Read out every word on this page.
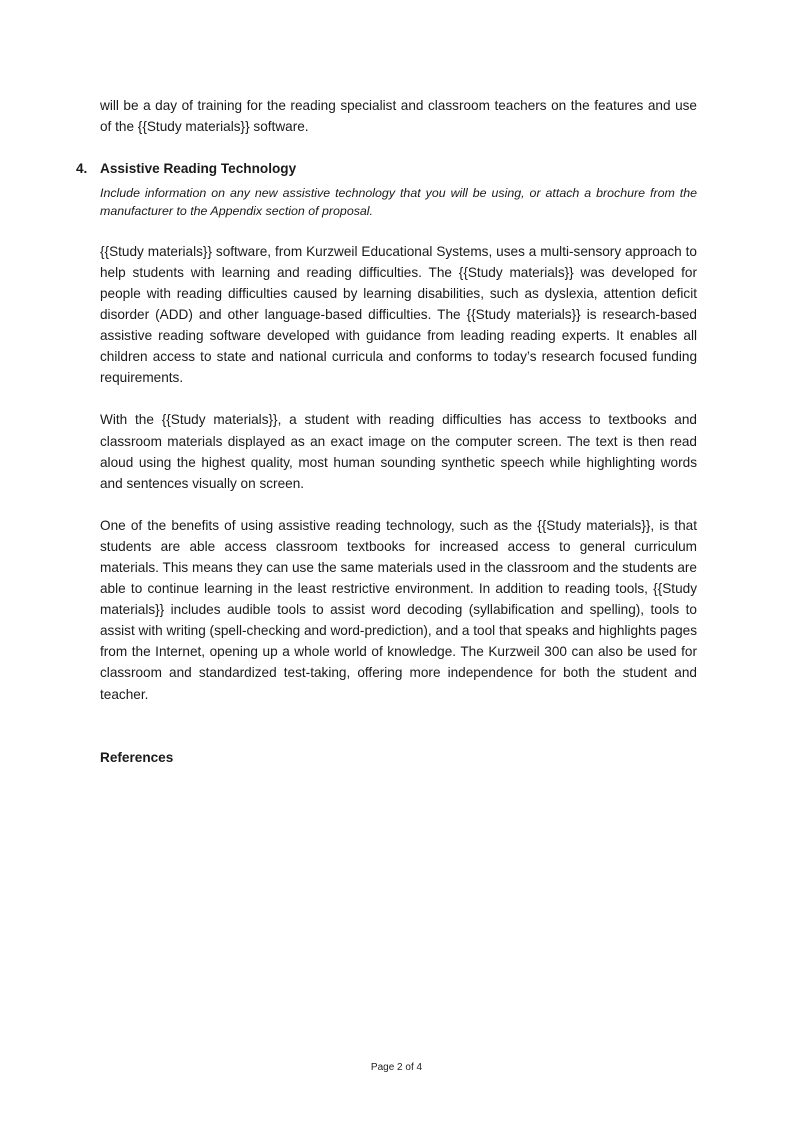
will be a day of training for the reading specialist and classroom teachers on the features and use of the {{Study materials}} software.

4. Assistive Reading Technology

Include information on any new assistive technology that you will be using, or attach a brochure from the manufacturer to the Appendix section of proposal.

{{Study materials}} software, from Kurzweil Educational Systems, uses a multi-sensory approach to help students with learning and reading difficulties. The {{Study materials}} was developed for people with reading difficulties caused by learning disabilities, such as dyslexia, attention deficit disorder (ADD) and other language-based difficulties. The {{Study materials}} is research-based assistive reading software developed with guidance from leading reading experts. It enables all children access to state and national curricula and conforms to today’s research focused funding requirements.

With the {{Study materials}}, a student with reading difficulties has access to textbooks and classroom materials displayed as an exact image on the computer screen. The text is then read aloud using the highest quality, most human sounding synthetic speech while highlighting words and sentences visually on screen.

One of the benefits of using assistive reading technology, such as the {{Study materials}}, is that students are able access classroom textbooks for increased access to general curriculum materials. This means they can use the same materials used in the classroom and the students are able to continue learning in the least restrictive environment. In addition to reading tools, {{Study materials}} includes audible tools to assist word decoding (syllabification and spelling), tools to assist with writing (spell-checking and word-prediction), and a tool that speaks and highlights pages from the Internet, opening up a whole world of knowledge. The Kurzweil 300 can also be used for classroom and standardized test-taking, offering more independence for both the student and teacher.

References
Page 2 of 4
